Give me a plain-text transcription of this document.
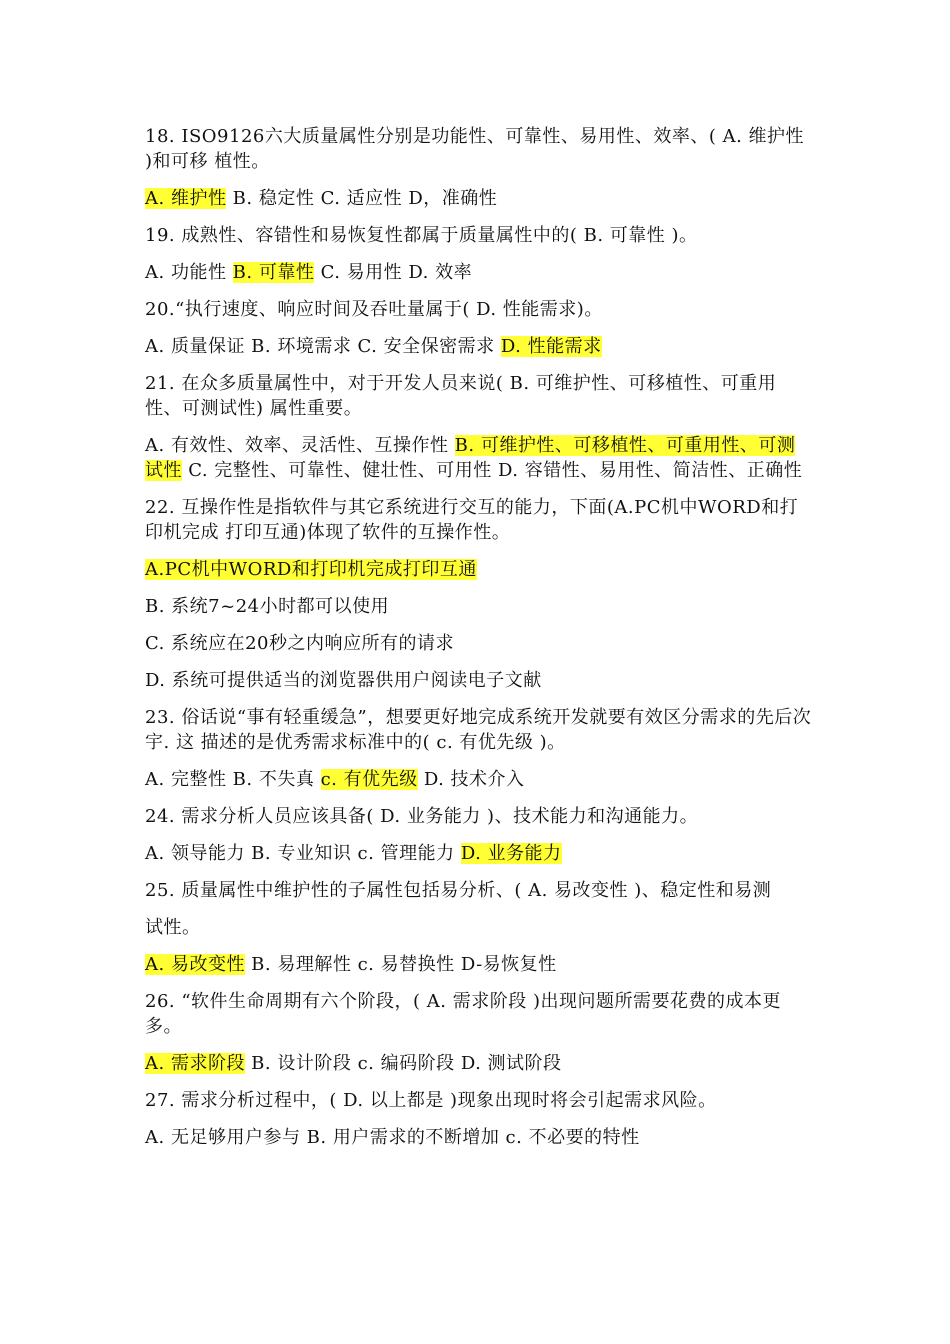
18. ISO9126六大质量属性分别是功能性、可靠性、易用性、效率、( A. 维护性 )和可移 植性。

A. 维护性 B. 稳定性 C. 适应性 D，准确性

19. 成熟性、容错性和易恢复性都属于质量属性中的( B. 可靠性 )。

A. 功能性 B. 可靠性 C. 易用性 D. 效率

20.“执行速度、响应时间及吞吐量属于( D. 性能需求)。

A. 质量保证 B. 环境需求 C. 安全保密需求 D. 性能需求

21. 在众多质量属性中，对于开发人员来说( B. 可维护性、可移植性、可重用性、可测试性) 属性重要。

A. 有效性、效率、灵活性、互操作性 B. 可维护性、可移植性、可重用性、可测试性 C. 完整性、可靠性、健壮性、可用性 D. 容错性、易用性、简洁性、正确性

22. 互操作性是指软件与其它系统进行交互的能力，下面(A.PC机中WORD和打印机完成 打印互通)体现了软件的互操作性。

A.PC机中WORD和打印机完成打印互通

B. 系统7~24小时都可以使用

C. 系统应在20秒之内响应所有的请求

D. 系统可提供适当的浏览器供用户阅读电子文献

23. 俗话说“事有轻重缓急”，想要更好地完成系统开发就要有效区分需求的先后次宇. 这 描述的是优秀需求标准中的( c. 有优先级 )。

A. 完整性 B. 不失真 c. 有优先级 D. 技术介入

24. 需求分析人员应该具备( D. 业务能力 )、技术能力和沟通能力。

A. 领导能力 B. 专业知识 c. 管理能力 D. 业务能力

25. 质量属性中维护性的子属性包括易分析、( A. 易改变性 )、稳定性和易测

试性。

A. 易改变性 B. 易理解性 c. 易替换性 D-易恢复性

26. “软件生命周期有六个阶段，( A. 需求阶段 )出现问题所需要花费的成本更多。

A. 需求阶段 B. 设计阶段 c. 编码阶段 D. 测试阶段

27. 需求分析过程中，( D. 以上都是 )现象出现时将会引起需求风险。

A. 无足够用户参与 B. 用户需求的不断增加 c. 不必要的特性
